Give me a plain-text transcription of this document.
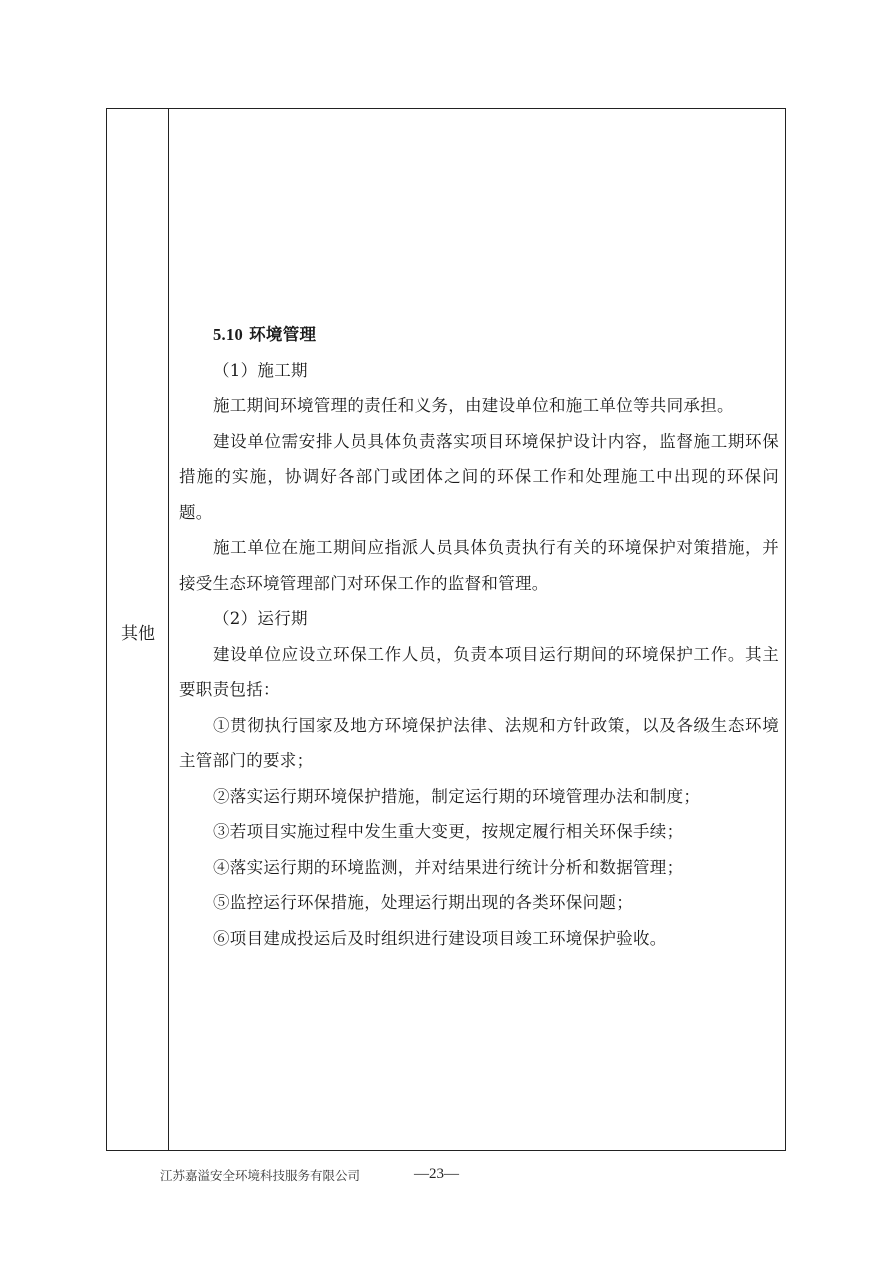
其他
5.10 环境管理

（1）施工期

施工期间环境管理的责任和义务，由建设单位和施工单位等共同承担。

建设单位需安排人员具体负责落实项目环境保护设计内容，监督施工期环保措施的实施，协调好各部门或团体之间的环保工作和处理施工中出现的环保问题。

施工单位在施工期间应指派人员具体负责执行有关的环境保护对策措施，并接受生态环境管理部门对环保工作的监督和管理。

（2）运行期

建设单位应设立环保工作人员，负责本项目运行期间的环境保护工作。其主要职责包括：

①贯彻执行国家及地方环境保护法律、法规和方针政策，以及各级生态环境主管部门的要求；

②落实运行期环境保护措施，制定运行期的环境管理办法和制度；

③若项目实施过程中发生重大变更，按规定履行相关环保手续；

④落实运行期的环境监测，并对结果进行统计分析和数据管理；

⑤监控运行环保措施，处理运行期出现的各类环保问题；

⑥项目建成投运后及时组织进行建设项目竣工环境保护验收。

江苏嘉溢安全环境科技服务有限公司	—23—
